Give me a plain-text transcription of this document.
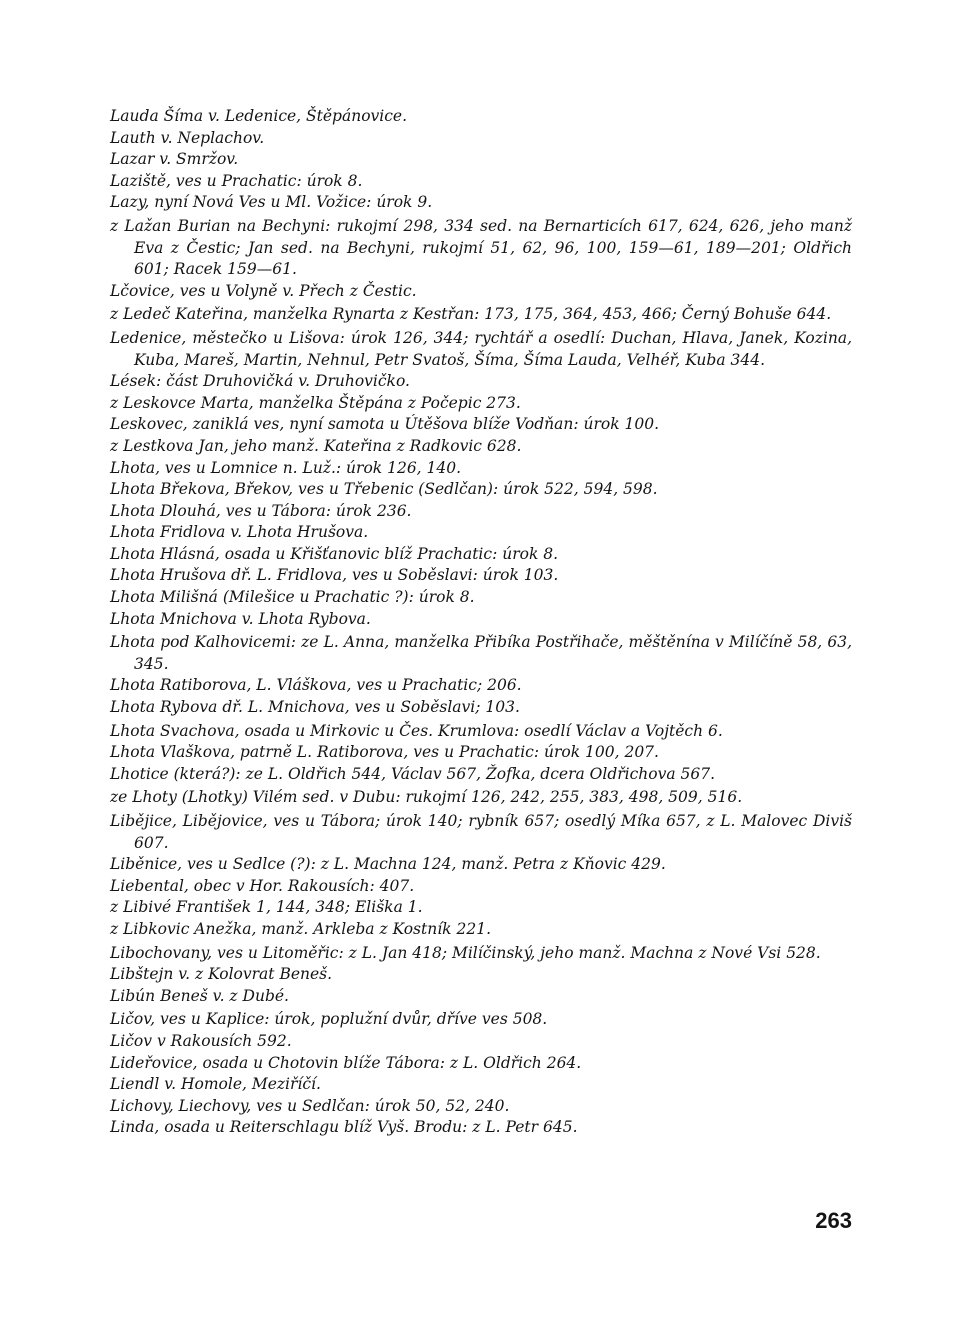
Lauda Šíma v. Ledenice, Štěpánovice.

Lauth v. Neplachov.

Lazar v. Smržov.

Laziště, ves u Prachatic: úrok 8.

Lazy, nyní Nová Ves u Ml. Vožice: úrok 9.

z Lažan Burian na Bechyni: rukojmí 298, 334 sed. na Bernarticích 617, 624, 626, jeho manž Eva z Čestic; Jan sed. na Bechyni, rukojmí 51, 62, 96, 100, 159—61, 189—201; Oldřich 601; Racek 159—61.

Lčovice, ves u Volyně v. Přech z Čestic.

z Ledeč Kateřina, manželka Rynarta z Kestřan: 173, 175, 364, 453, 466; Černý Bohuše 644.

Ledenice, městečko u Lišova: úrok 126, 344; rychtář a osedlí: Duchan, Hlava, Janek, Kozina, Kuba, Mareš, Martin, Nehnul, Petr Svatoš, Šíma, Šíma Lauda, Velhéř, Kuba 344.

Lések: část Druhovičká v. Druhovičko.

z Leskovce Marta, manželka Štěpána z Počepic 273.

Leskovec, zaniklá ves, nyní samota u Útěšova blíže Vodňan: úrok 100.

z Lestkova Jan, jeho manž. Kateřina z Radkovic 628.

Lhota, ves u Lomnice n. Luž.: úrok 126, 140.

Lhota Břekova, Břekov, ves u Třebenic (Sedlčan): úrok 522, 594, 598.

Lhota Dlouhá, ves u Tábora: úrok 236.

Lhota Fridlova v. Lhota Hrušova.

Lhota Hlásná, osada u Křišťanovic blíž Prachatic: úrok 8.

Lhota Hrušova dř. L. Fridlova, ves u Soběslavi: úrok 103.

Lhota Milišná (Milešice u Prachatic ?): úrok 8.

Lhota Mnichova v. Lhota Rybova.

Lhota pod Kalhovicemi: ze L. Anna, manželka Přibíka Postřihače, měštěnína v Milíčíně 58, 63, 345.

Lhota Ratiborova, L. Vláškova, ves u Prachatic; 206.

Lhota Rybova dř. L. Mnichova, ves u Soběslavi; 103.

Lhota Svachova, osada u Mirkovic u Čes. Krumlova: osedlí Václav a Vojtěch 6.

Lhota Vlaškova, patrně L. Ratiborova, ves u Prachatic: úrok 100, 207.

Lhotice (která?): ze L. Oldřich 544, Václav 567, Žofka, dcera Oldřichova 567.

ze Lhoty (Lhotky) Vilém sed. v Dubu: rukojmí 126, 242, 255, 383, 498, 509, 516.

Libějice, Libějovice, ves u Tábora; úrok 140; rybník 657; osedlý Míka 657, z L. Malovec Diviš 607.

Liběnice, ves u Sedlce (?): z L. Machna 124, manž. Petra z Kňovic 429.

Liebental, obec v Hor. Rakousích: 407.

z Libivé František 1, 144, 348; Eliška 1.

z Libkovic Anežka, manž. Arkleba z Kostník 221.

Libochovany, ves u Litoměřic: z L. Jan 418; Milíčinský, jeho manž. Machna z Nové Vsi 528.

Libštejn v. z Kolovrat Beneš.

Libún Beneš v. z Dubé.

Ličov, ves u Kaplice: úrok, poplužní dvůr, dříve ves 508.

Ličov v Rakousích 592.

Lideřovice, osada u Chotovin blíže Tábora: z L. Oldřich 264.

Liendl v. Homole, Meziříčí.

Lichovy, Liechovy, ves u Sedlčan: úrok 50, 52, 240.

Linda, osada u Reiterschlagu blíž Vyš. Brodu: z L. Petr 645.

263
